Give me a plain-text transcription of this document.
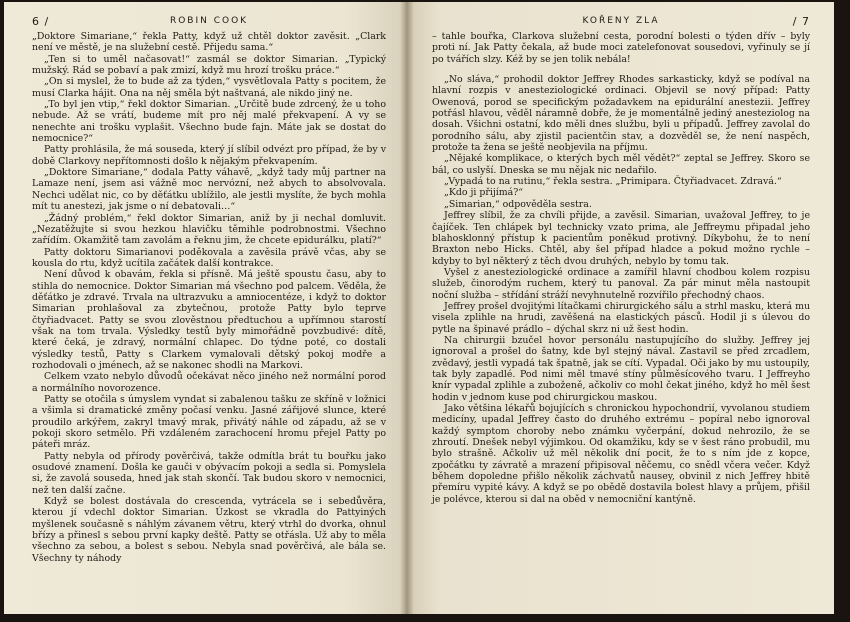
6 /	ROBIN COOK

„Doktore Simariane,“ řekla Patty, když už chtěl doktor zavěsit. „Clark není ve městě, je na služební cestě. Přijedu sama.“

„Ten si to uměl načasovat!“ zasmál se doktor Simarian. „Typický mužský. Rád se pobaví a pak zmizí, když mu hrozí trošku práce.“

„On si myslel, že to bude až za týden,“ vysvětlovala Patty s pocitem, že musí Clarka hájit. Ona na něj směla být naštvaná, ale nikdo jiný ne.

„To byl jen vtip,“ řekl doktor Simarian. „Určitě bude zdrcený, že u toho nebude. Až se vrátí, budeme mít pro něj malé překvapení. A vy se nenechte ani trošku vyplašit. Všechno bude fajn. Máte jak se dostat do nemocnice?“

Patty prohlásila, že má souseda, který jí slíbil odvézt pro případ, že by v době Clarkovy nepřítomnosti došlo k nějakým překvapením.

„Doktore Simariane,“ dodala Patty váhavě, „když tady můj partner na Lamaze není, jsem asi vážně moc nervózní, než abych to absolvovala. Nechci udělat nic, co by děťátku ublížilo, ale jestli myslíte, že bych mohla mít tu anestezi, jak jsme o ní debatovali…“

„Žádný problém,“ řekl doktor Simarian, aniž by ji nechal domluvit. „Nezatěžujte si svou hezkou hlavičku těmihle podrobnostmi. Všechno zařídím. Okamžitě tam zavolám a řeknu jim, že chcete epidurálku, platí?“

Patty doktoru Simarianovi poděkovala a zavěsila právě včas, aby se kousla do rtu, když ucítila začátek další kontrakce.

Není důvod k obavám, řekla si přísně. Má ještě spoustu času, aby to stihla do nemocnice. Doktor Simarian má všechno pod palcem. Věděla, že děťátko je zdravé. Trvala na ultrazvuku a amniocentéze, i když to doktor Simarian prohlašoval za zbytečnou, protože Patty bylo teprve čtyřiadvacet. Patty se svou zlověstnou předtuchou a upřímnou starostí však na tom trvala. Výsledky testů byly mimořádně povzbudivé: dítě, které čeká, je zdravý, normální chlapec. Do týdne poté, co dostali výsledky testů, Patty s Clarkem vymalovali dětský pokoj modře a rozhodovali o jménech, až se nakonec shodli na Markovi.

Celkem vzato nebylo důvodů očekávat něco jiného než normální porod a normálního novorozence.

Patty se otočila s úmyslem vyndat si zabalenou tašku ze skříně v ložnici a všimla si dramatické změny počasí venku. Jasné zářijové slunce, které proudilo arkýřem, zakryl tmavý mrak, přivátý náhle od západu, až se v pokoji skoro setmělo. Při vzdáleném zarachocení hromu přejel Patty po páteři mráz.

Patty nebyla od přírody pověrčivá, takže odmítla brát tu bouřku jako osudové znamení. Došla ke gauči v obývacím pokoji a sedla si. Pomyslela si, že zavolá souseda, hned jak stah skončí. Tak budou skoro v nemocnici, než ten další začne.

Když se bolest dostávala do crescenda, vytrácela se i sebedůvěra, kterou jí vdechl doktor Simarian. Úzkost se vkradla do Pattyiných myšlenek současně s náhlým závanem větru, který vtrhl do dvorka, ohnul břízy a přinesl s sebou první kapky deště. Patty se otřásla. Už aby to měla všechno za sebou, a bolest s sebou. Nebyla snad pověrčivá, ale bála se. Všechny ty náhody

KOŘENY ZLA	/ 7

– tahle bouřka, Clarkova služební cesta, porodní bolesti o týden dřív – byly proti ní. Jak Patty čekala, až bude moci zatelefonovat sousedovi, vyřinuly se jí po tvářích slzy. Kéž by se jen tolik nebála!

„No sláva,“ prohodil doktor Jeffrey Rhodes sarkasticky, když se podíval na hlavní rozpis v anesteziologické ordinaci. Objevil se nový případ: Patty Owenová, porod se specifickým požadavkem na epidurální anestezii. Jeffrey potřásl hlavou, věděl náramně dobře, že je momentálně jediný anesteziolog na dosah. Všichni ostatní, kdo měli dnes službu, byli u případů. Jeffrey zavolal do porodního sálu, aby zjistil pacientčin stav, a dozvěděl se, že není naspěch, protože ta žena se ještě neobjevila na příjmu.

„Nějaké komplikace, o kterých bych měl vědět?“ zeptal se Jeffrey. Skoro se bál, co uslyší. Dneska se mu nějak nic nedařilo.

„Vypadá to na rutinu,“ řekla sestra. „Primipara. Čtyřiadvacet. Zdravá.“

„Kdo ji přijímá?“

„Simarian,“ odpověděla sestra.

Jeffrey slíbil, že za chvíli přijde, a zavěsil. Simarian, uvažoval Jeffrey, to je čajíček. Ten chlápek byl technicky vzato prima, ale Jeffreymu připadal jeho blahosklonný přístup k pacientům poněkud protivný. Díkybohu, že to není Braxton nebo Hicks. Chtěl, aby šel případ hladce a pokud možno rychle – kdyby to byl některý z těch dvou druhých, nebylo by tomu tak.

Vyšel z anesteziologické ordinace a zamířil hlavní chodbou kolem rozpisu služeb, činorodým ruchem, který tu panoval. Za pár minut měla nastoupit noční služba – střídání stráží nevyhnutelně rozvířilo přechodný chaos.

Jeffrey prošel dvojitými lítačkami chirurgického sálu a strhl masku, která mu visela zplihle na hrudi, zavěšená na elastických pásců. Hodil ji s úlevou do pytle na špinavé prádlo – dýchal skrz ni už šest hodin.

Na chirurgii bzučel hovor personálu nastupujícího do služby. Jeffrey jej ignoroval a prošel do šatny, kde byl stejný nával. Zastavil se před zrcadlem, zvědavý, jestli vypadá tak špatně, jak se cítí. Vypadal. Oči jako by mu ustoupily, tak byly zapadlé. Pod nimi měl tmavé stíny půlměsícového tvaru. I Jeffreyho knír vypadal zplihle a zuboženě, ačkoliv co mohl čekat jiného, když ho měl šest hodin v jednom kuse pod chirurgickou maskou.

Jako většina lékařů bojujících s chronickou hypochondrií, vyvolanou studiem medicíny, upadal Jeffrey často do druhého extrému – popíral nebo ignoroval každý symptom choroby nebo známku vyčerpání, dokud nehrozilo, že se zhroutí. Dnešek nebyl výjimkou. Od okamžiku, kdy se v šest ráno probudil, mu bylo strašně. Ačkoliv už měl několik dní pocit, že to s ním jde z kopce, zpočátku ty závratě a mrazení připisoval něčemu, co snědl včera večer. Když během dopoledne přišlo několik záchvatů nausey, obvinil z nich Jeffrey hbitě přemíru vypité kávy. A když se po obědě dostavila bolest hlavy a průjem, přišil je polévce, kterou si dal na oběd v nemocniční kantýně.
